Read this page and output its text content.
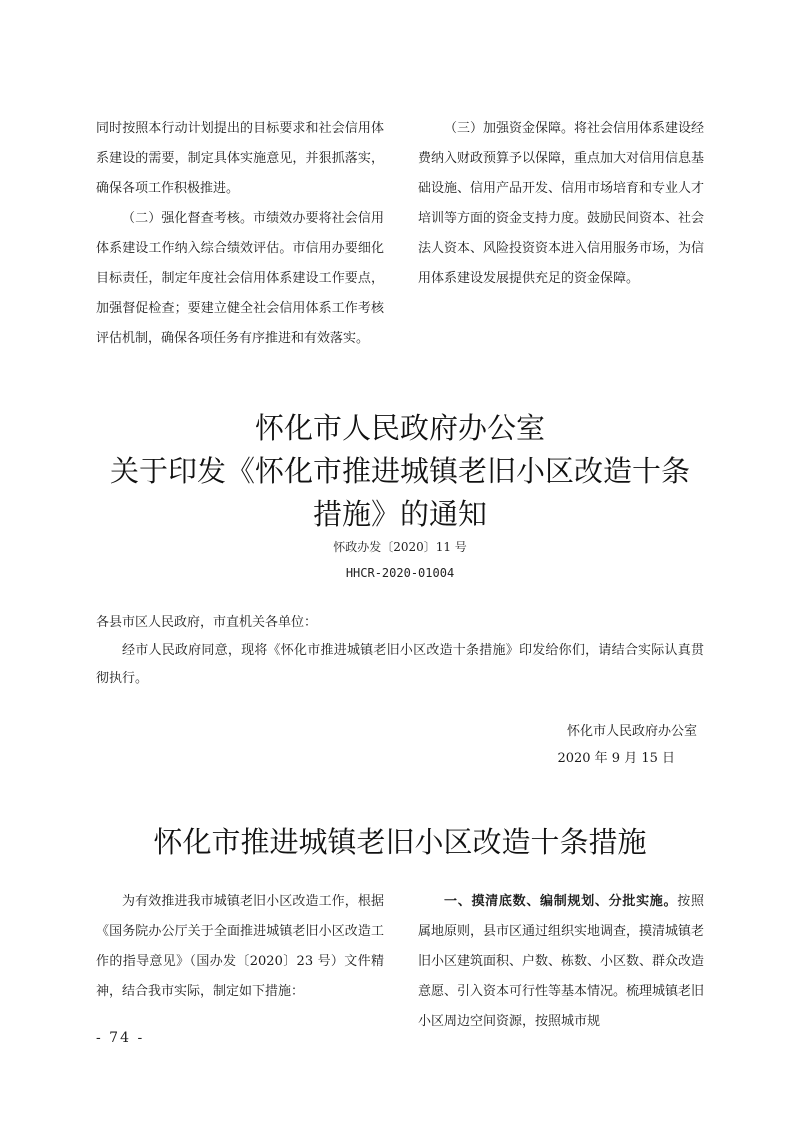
同时按照本行动计划提出的目标要求和社会信用体系建设的需要，制定具体实施意见，并狠抓落实，确保各项工作积极推进。

（二）强化督查考核。市绩效办要将社会信用体系建设工作纳入综合绩效评估。市信用办要细化目标责任，制定年度社会信用体系建设工作要点，加强督促检查；要建立健全社会信用体系工作考核评估机制，确保各项任务有序推进和有效落实。

（三）加强资金保障。将社会信用体系建设经费纳入财政预算予以保障，重点加大对信用信息基础设施、信用产品开发、信用市场培育和专业人才培训等方面的资金支持力度。鼓励民间资本、社会法人资本、风险投资资本进入信用服务市场，为信用体系建设发展提供充足的资金保障。

怀化市人民政府办公室
关于印发《怀化市推进城镇老旧小区改造十条
措施》的通知
怀政办发〔2020〕11 号
HHCR-2020-01004
各县市区人民政府，市直机关各单位：

经市人民政府同意，现将《怀化市推进城镇老旧小区改造十条措施》印发给你们，请结合实际认真贯彻执行。

怀化市人民政府办公室
2020 年 9 月 15 日
怀化市推进城镇老旧小区改造十条措施

为有效推进我市城镇老旧小区改造工作，根据《国务院办公厅关于全面推进城镇老旧小区改造工作的指导意见》（国办发〔2020〕23 号）文件精神，结合我市实际，制定如下措施：

一、摸清底数、编制规划、分批实施。按照属地原则，县市区通过组织实地调查，摸清城镇老旧小区建筑面积、户数、栋数、小区数、群众改造意愿、引入资本可行性等基本情况。梳理城镇老旧小区周边空间资源，按照城市规

- 74 -
